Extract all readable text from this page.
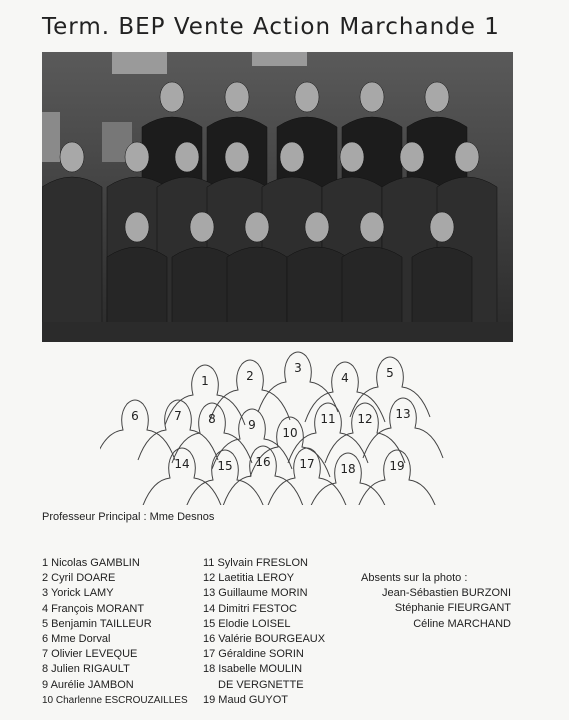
Term. BEP Vente Action Marchande 1
1	2
3
4	5
6	7 8	9
10
11 12 13
14 15 16 17 18	19
Professeur Principal : Mme Desnos
1 Nicolas GAMBLIN
2 Cyril DOARE
3 Yorick LAMY
4 François MORANT
5 Benjamin TAILLEUR
6 Mme Dorval
7 Olivier LEVEQUE
8 Julien RIGAULT
9 Aurélie JAMBON
10 Charlenne ESCROUZAILLES
11 Sylvain FRESLON
12 Laetitia LEROY
13 Guillaume MORIN
14 Dimitri FESTOC
15 Elodie LOISEL
16 Valérie BOURGEAUX
17 Géraldine SORIN
18 Isabelle MOULIN
DE VERGNETTE
19 Maud GUYOT
Absents sur la photo :
Jean-Sébastien BURZONI
Stéphanie FIEURGANT
Céline MARCHAND
